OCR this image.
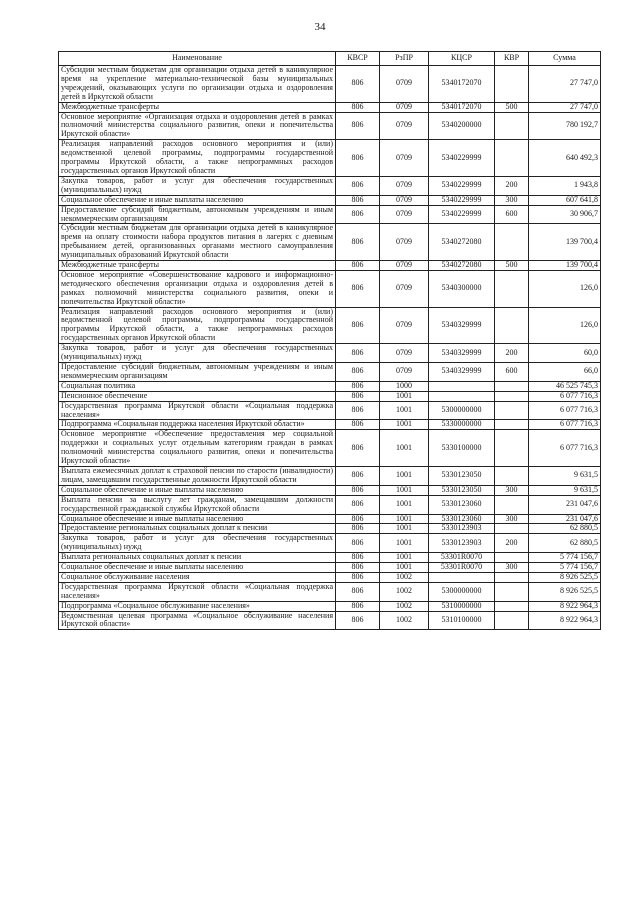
34
Наименование	КВСР	РзПР	КЦСР	КВР	Сумма
Субсидии местным бюджетам для организации отдыха детей в каникулярное время на укрепление материально-технической базы муниципальных учреждений, оказывающих услуги по организации отдыха и оздоровления детей в Иркутской области	806	0709	5340172070		27 747,0
Межбюджетные трансферты	806	0709	5340172070	500	27 747,0
Основное мероприятие «Организация отдыха и оздоровления детей в рамках полномочий министерства социального развития, опеки и попечительства Иркутской области»	806	0709	5340200000		780 192,7
Реализация направлений расходов основного мероприятия и (или) ведомственной целевой программы, подпрограммы государственной программы Иркутской области, а также непрограммных расходов государственных органов Иркутской области	806	0709	5340229999		640 492,3
Закупка товаров, работ и услуг для обеспечения государственных (муниципальных) нужд	806	0709	5340229999	200	1 943,8
Социальное обеспечение и иные выплаты населению	806	0709	5340229999	300	607 641,8
Предоставление субсидий бюджетным, автономным учреждениям и иным некоммерческим организациям	806	0709	5340229999	600	30 906,7
Субсидии местным бюджетам для организации отдыха детей в каникулярное время на оплату стоимости набора продуктов питания в лагерях с дневным пребыванием детей, организованных органами местного самоуправления муниципальных образований Иркутской области	806	0709	5340272080		139 700,4
Межбюджетные трансферты	806	0709	5340272080	500	139 700,4
Основное мероприятие «Совершенствование кадрового и информационно-методического обеспечения организации отдыха и оздоровления детей в рамках полномочий министерства социального развития, опеки и попечительства Иркутской области»	806	0709	5340300000		126,0
Реализация направлений расходов основного мероприятия и (или) ведомственной целевой программы, подпрограммы государственной программы Иркутской области, а также непрограммных расходов государственных органов Иркутской области	806	0709	5340329999		126,0
Закупка товаров, работ и услуг для обеспечения государственных (муниципальных) нужд	806	0709	5340329999	200	60,0
Предоставление субсидий бюджетным, автономным учреждениям и иным некоммерческим организациям	806	0709	5340329999	600	66,0
Социальная политика	806	1000			46 525 745,3
Пенсионное обеспечение	806	1001			6 077 716,3
Государственная программа Иркутской области «Социальная поддержка населения»	806	1001	5300000000		6 077 716,3
Подпрограмма «Социальная поддержка населения Иркутской области»	806	1001	5330000000		6 077 716,3
Основное мероприятие «Обеспечение предоставления мер социальной поддержки и социальных услуг отдельным категориям граждан в рамках полномочий министерства социального развития, опеки и попечительства Иркутской области»	806	1001	5330100000		6 077 716,3
Выплата ежемесячных доплат к страховой пенсии по старости (инвалидности) лицам, замещавшим государственные должности Иркутской области	806	1001	5330123050		9 631,5
Социальное обеспечение и иные выплаты населению	806	1001	5330123050	300	9 631,5
Выплата пенсии за выслугу лет гражданам, замещавшим должности государственной гражданской службы Иркутской области	806	1001	5330123060		231 047,6
Социальное обеспечение и иные выплаты населению	806	1001	5330123060	300	231 047,6
Предоставление региональных социальных доплат к пенсии	806	1001	5330123903		62 880,5
Закупка товаров, работ и услуг для обеспечения государственных (муниципальных) нужд	806	1001	5330123903	200	62 880,5
Выплата региональных социальных доплат к пенсии	806	1001	53301R0070		5 774 156,7
Социальное обеспечение и иные выплаты населению	806	1001	53301R0070	300	5 774 156,7
Социальное обслуживание населения	806	1002			8 926 525,5
Государственная программа Иркутской области «Социальная поддержка населения»	806	1002	5300000000		8 926 525,5
Подпрограмма «Социальное обслуживание населения»	806	1002	5310000000		8 922 964,3
Ведомственная целевая программа «Социальное обслуживание населения Иркутской области»	806	1002	5310100000		8 922 964,3
